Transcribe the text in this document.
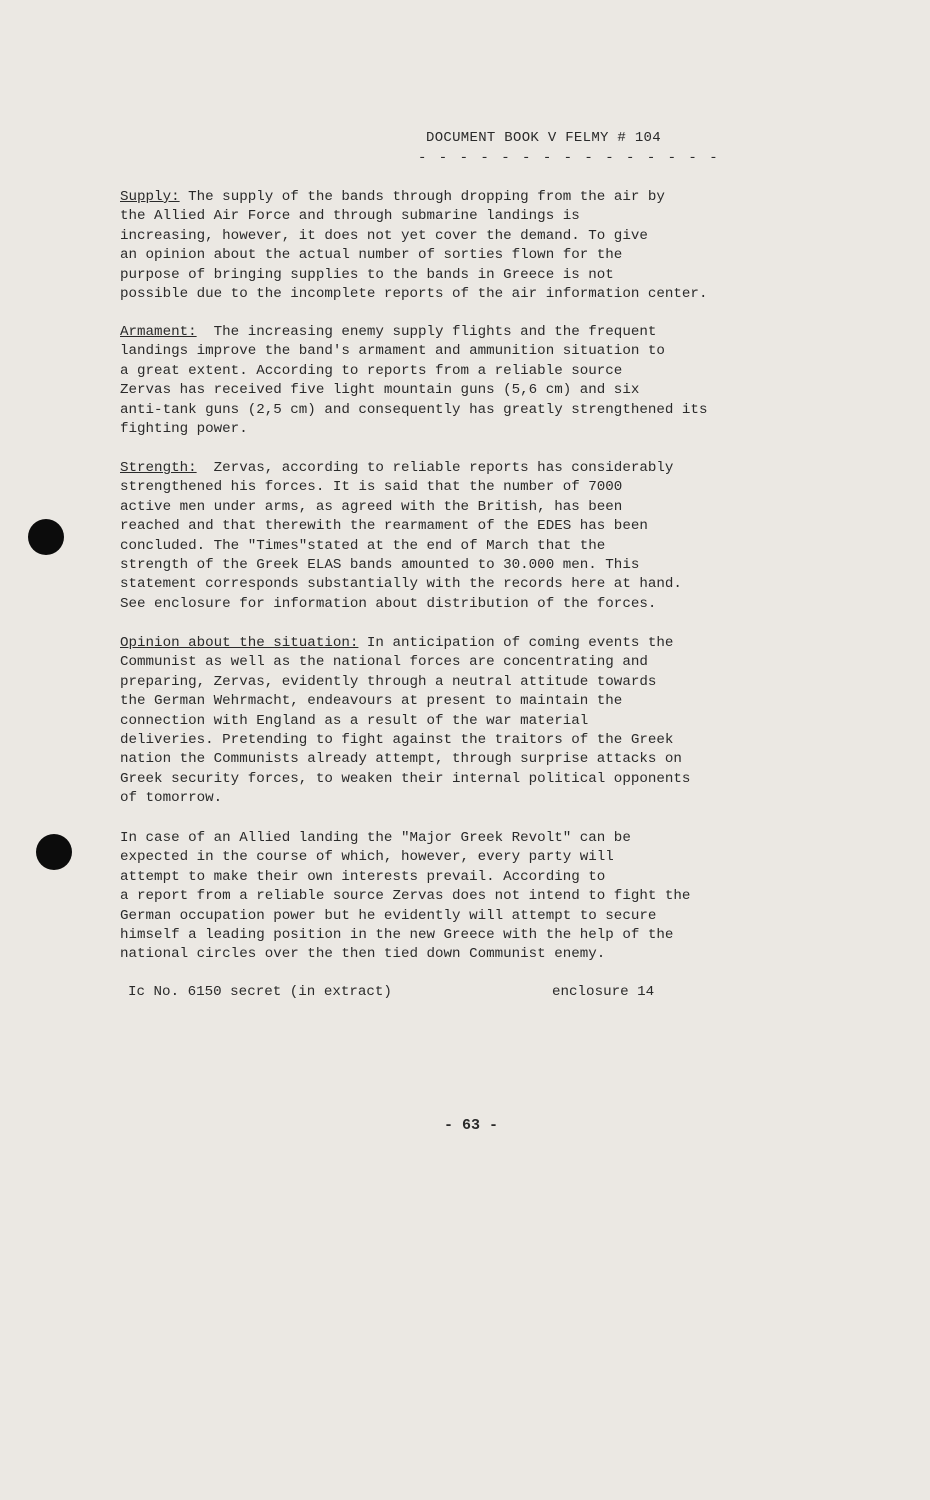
DOCUMENT BOOK V FELMY # 104
- - - - - - - - - - - - - - -
Supply: The supply of the bands through dropping from the air by
the Allied Air Force and through submarine landings is
increasing, however, it does not yet cover the demand. To give
an opinion about the actual number of sorties flown for the
purpose of bringing supplies to the bands in Greece is not
possible due to the incomplete reports of the air information center.
Armament: The increasing enemy supply flights and the frequent
landings improve the band's armament and ammunition situation to
a great extent. According to reports from a reliable source
Zervas has received five light mountain guns (5,6 cm) and six
anti-tank guns (2,5 cm) and consequently has greatly strengthened its
fighting power.
Strength: Zervas, according to reliable reports has considerably
strengthened his forces. It is said that the number of 7000
active men under arms, as agreed with the British, has been
reached and that therewith the rearmament of the EDES has been
concluded. The "Times"stated at the end of March that the
strength of the Greek ELAS bands amounted to 30.000 men. This
statement corresponds substantially with the records here at hand.
See enclosure for information about distribution of the forces.
Opinion about the situation: In anticipation of coming events the
Communist as well as the national forces are concentrating and
preparing, Zervas, evidently through a neutral attitude towards
the German Wehrmacht, endeavours at present to maintain the
connection with England as a result of the war material
deliveries. Pretending to fight against the traitors of the Greek
nation the Communists already attempt, through surprise attacks on
Greek security forces, to weaken their internal political opponents
of tomorrow.
In case of an Allied landing the "Major Greek Revolt" can be
expected in the course of which, however, every party will
attempt to make their own interests prevail. According to
a report from a reliable source Zervas does not intend to fight the
German occupation power but he evidently will attempt to secure
himself a leading position in the new Greece with the help of the
national circles over the then tied down Communist enemy.
Ic No. 6150 secret (in extract)	enclosure 14
- 63 -
